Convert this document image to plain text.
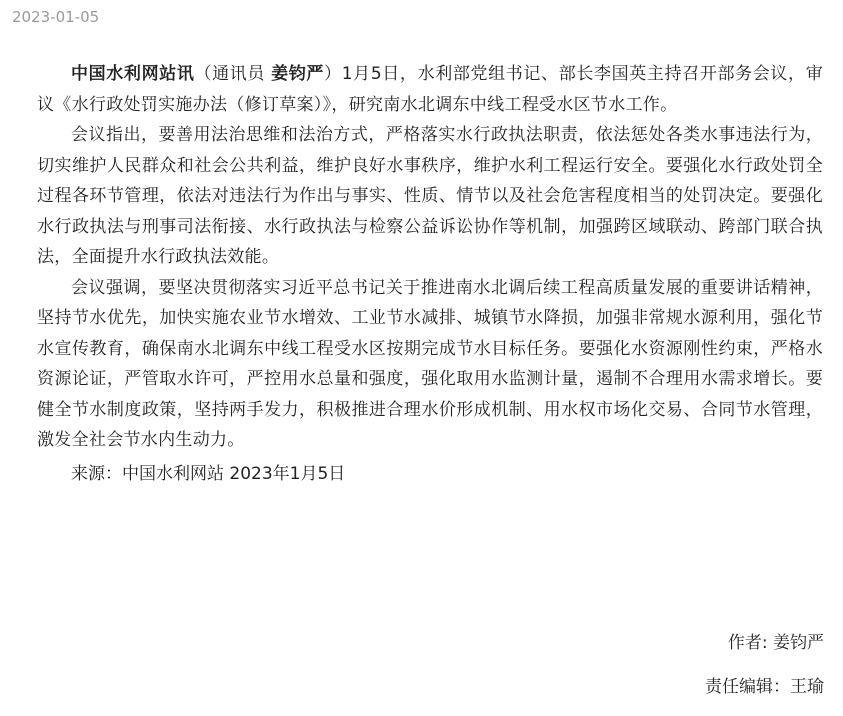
2023-01-05

中国水利网站讯（通讯员 姜钧严）1月5日，水利部党组书记、部长李国英主持召开部务会议，审议《水行政处罚实施办法（修订草案）》，研究南水北调东中线工程受水区节水工作。

会议指出，要善用法治思维和法治方式，严格落实水行政执法职责，依法惩处各类水事违法行为，切实维护人民群众和社会公共利益，维护良好水事秩序，维护水利工程运行安全。要强化水行政处罚全过程各环节管理，依法对违法行为作出与事实、性质、情节以及社会危害程度相当的处罚决定。要强化水行政执法与刑事司法衔接、水行政执法与检察公益诉讼协作等机制，加强跨区域联动、跨部门联合执法，全面提升水行政执法效能。

会议强调，要坚决贯彻落实习近平总书记关于推进南水北调后续工程高质量发展的重要讲话精神，坚持节水优先，加快实施农业节水增效、工业节水减排、城镇节水降损，加强非常规水源利用，强化节水宣传教育，确保南水北调东中线工程受水区按期完成节水目标任务。要强化水资源刚性约束，严格水资源论证，严管取水许可，严控用水总量和强度，强化取用水监测计量，遏制不合理用水需求增长。要健全节水制度政策，坚持两手发力，积极推进合理水价形成机制、用水权市场化交易、合同节水管理，激发全社会节水内生动力。

来源：中国水利网站 2023年1月5日

作者: 姜钧严
责任编辑：王瑜
